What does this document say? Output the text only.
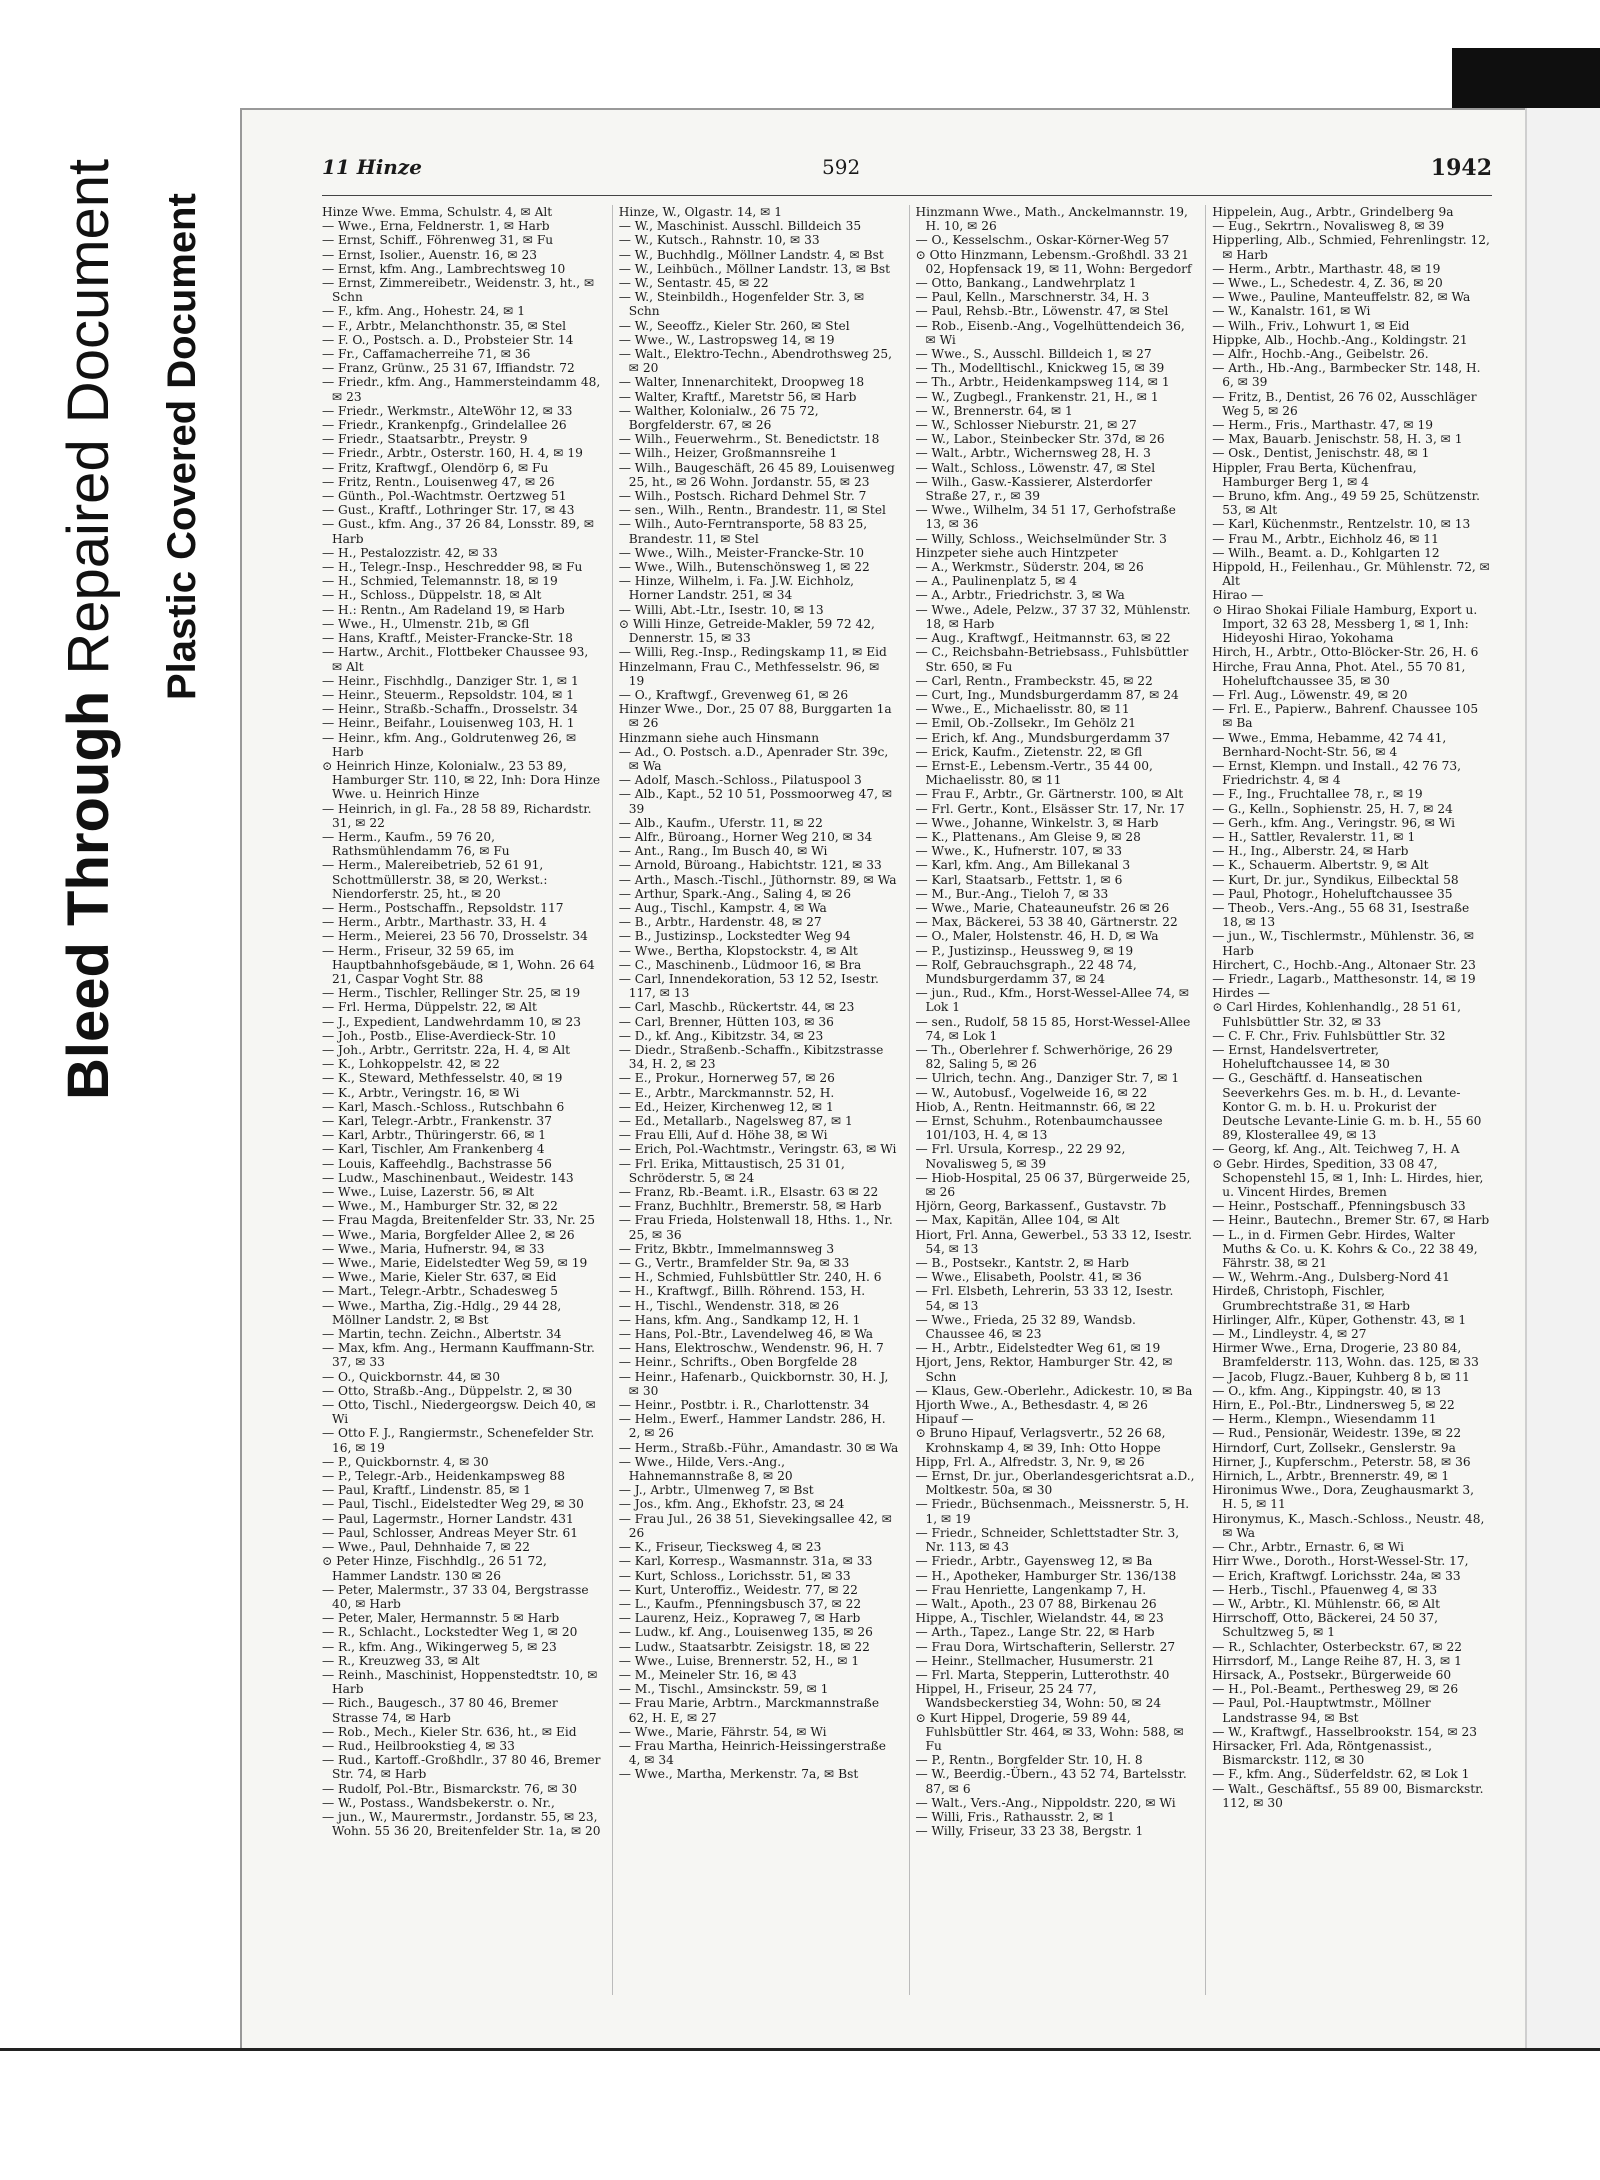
Bleed Through Repaired Document Plastic Covered Document
11 Hinze	592	1942
Hinze Wwe. Emma, Schulstr. 4, ✉ Alt
— Wwe., Erna, Feldnerstr. 1, ✉ Harb
— Ernst, Schiff., Föhrenweg 31, ✉ Fu
— Ernst, Isolier., Auenstr. 16, ✉ 23
— Ernst, kfm. Ang., Lambrechtsweg 10
— Ernst, Zimmereibetr., Weidenstr. 3, ht., ✉ Schn
— F., kfm. Ang., Hohestr. 24, ✉ 1
— F., Arbtr., Melanchthonstr. 35, ✉ Stel
— F. O., Postsch. a. D., Probsteier Str. 14
— Fr., Caffamacherreihe 71, ✉ 36
— Franz, Grünw., 25 31 67, Iffiandstr. 72
— Friedr., kfm. Ang., Hammersteindamm 48, ✉ 23
— Friedr., Werkmstr., AlteWöhr 12, ✉ 33
— Friedr., Krankenpfg., Grindelallee 26
— Friedr., Staatsarbtr., Preystr. 9
— Friedr., Arbtr., Osterstr. 160, H. 4, ✉ 19
— Fritz, Kraftwgf., Olendörp 6, ✉ Fu
— Fritz, Rentn., Louisenweg 47, ✉ 26
— Günth., Pol.-Wachtmstr. Oertzweg 51
— Gust., Kraftf., Lothringer Str. 17, ✉ 43
— Gust., kfm. Ang., 37 26 84, Lonsstr. 89, ✉ Harb
— H., Pestalozzistr. 42, ✉ 33
— H., Telegr.-Insp., Heschredder 98, ✉ Fu
— H., Schmied, Telemannstr. 18, ✉ 19
— H., Schloss., Düppelstr. 18, ✉ Alt
— H.: Rentn., Am Radeland 19, ✉ Harb
— Wwe., H., Ulmenstr. 21b, ✉ Gfl
— Hans, Kraftf., Meister-Francke-Str. 18
— Hartw., Archit., Flottbeker Chaussee 93, ✉ Alt
— Heinr., Fischhdlg., Danziger Str. 1, ✉ 1
— Heinr., Steuerm., Repsoldstr. 104, ✉ 1
— Heinr., Straßb.-Schaffn., Drosselstr. 34
— Heinr., Beifahr., Louisenweg 103, H. 1
— Heinr., kfm. Ang., Goldrutenweg 26, ✉ Harb
⊙ Heinrich Hinze, Kolonialw., 23 53 89, Hamburger Str. 110, ✉ 22, Inh: Dora Hinze Wwe. u. Heinrich Hinze
— Heinrich, in gl. Fa., 28 58 89, Richardstr. 31, ✉ 22
— Herm., Kaufm., 59 76 20, Rathsmühlendamm 76, ✉ Fu
— Herm., Malereibetrieb, 52 61 91, Schottmüllerstr. 38, ✉ 20, Werkst.: Niendorferstr. 25, ht., ✉ 20
— Herm., Postschaffn., Repsoldstr. 117
— Herm., Arbtr., Marthastr. 33, H. 4
— Herm., Meierei, 23 56 70, Drosselstr. 34
— Herm., Friseur, 32 59 65, im Hauptbahnhofsgebäude, ✉ 1, Wohn. 26 64 21, Caspar Voght Str. 88
— Herm., Tischler, Rellinger Str. 25, ✉ 19
— Frl. Herma, Düppelstr. 22, ✉ Alt
— J., Expedient, Landwehrdamm 10, ✉ 23
— Joh., Postb., Elise-Averdieck-Str. 10
— Joh., Arbtr., Gerritstr. 22a, H. 4, ✉ Alt
— K., Lohkoppelstr. 42, ✉ 22
— K., Steward, Methfesselstr. 40, ✉ 19
— K., Arbtr., Veringstr. 16, ✉ Wi
— Karl, Masch.-Schloss., Rutschbahn 6
— Karl, Telegr.-Arbtr., Frankenstr. 37
— Karl, Arbtr., Thüringerstr. 66, ✉ 1
— Karl, Tischler, Am Frankenberg 4
— Louis, Kaffeehdlg., Bachstrasse 56
— Ludw., Maschinenbaut., Weidestr. 143
— Wwe., Luise, Lazerstr. 56, ✉ Alt
— Wwe., M., Hamburger Str. 32, ✉ 22
— Frau Magda, Breitenfelder Str. 33, Nr. 25
— Wwe., Maria, Borgfelder Allee 2, ✉ 26
— Wwe., Maria, Hufnerstr. 94, ✉ 33
— Wwe., Marie, Eidelstedter Weg 59, ✉ 19
— Wwe., Marie, Kieler Str. 637, ✉ Eid
— Mart., Telegr.-Arbtr., Schadesweg 5
— Wwe., Martha, Zig.-Hdlg., 29 44 28, Möllner Landstr. 2, ✉ Bst
— Martin, techn. Zeichn., Albertstr. 34
— Max, kfm. Ang., Hermann Kauffmann-Str. 37, ✉ 33
— O., Quickbornstr. 44, ✉ 30
— Otto, Straßb.-Ang., Düppelstr. 2, ✉ 30
— Otto, Tischl., Niedergeorgsw. Deich 40, ✉ Wi
— Otto F. J., Rangiermstr., Schenefelder Str. 16, ✉ 19
— P., Quickbornstr. 4, ✉ 30
— P., Telegr.-Arb., Heidenkampsweg 88
— Paul, Kraftf., Lindenstr. 85, ✉ 1
— Paul, Tischl., Eidelstedter Weg 29, ✉ 30
— Paul, Lagermstr., Horner Landstr. 431
— Paul, Schlosser, Andreas Meyer Str. 61
— Wwe., Paul, Dehnhaide 7, ✉ 22
⊙ Peter Hinze, Fischhdlg., 26 51 72, Hammer Landstr. 130 ✉ 26
— Peter, Malermstr., 37 33 04, Bergstrasse 40, ✉ Harb
— Peter, Maler, Hermannstr. 5 ✉ Harb
— R., Schlacht., Lockstedter Weg 1, ✉ 20
— R., kfm. Ang., Wikingerweg 5, ✉ 23
— R., Kreuzweg 33, ✉ Alt
— Reinh., Maschinist, Hoppenstedtstr. 10, ✉ Harb
— Rich., Baugesch., 37 80 46, Bremer Strasse 74, ✉ Harb
— Rob., Mech., Kieler Str. 636, ht., ✉ Eid
— Rud., Heilbrookstieg 4, ✉ 33
— Rud., Kartoff.-Großhdlr., 37 80 46, Bremer Str. 74, ✉ Harb
— Rudolf, Pol.-Btr., Bismarckstr. 76, ✉ 30
— W., Postass., Wandsbekerstr. o. Nr.,
— jun., W., Maurermstr., Jordanstr. 55, ✉ 23, Wohn. 55 36 20, Breitenfelder Str. 1a, ✉ 20
Hinze, W., Olgastr. 14, ✉ 1
— W., Maschinist. Ausschl. Billdeich 35
— W., Kutsch., Rahnstr. 10, ✉ 33
— W., Buchhdlg., Möllner Landstr. 4, ✉ Bst
— W., Leihbüch., Möllner Landstr. 13, ✉ Bst
— W., Sentastr. 45, ✉ 22
— W., Steinbildh., Hogenfelder Str. 3, ✉ Schn
— W., Seeoffz., Kieler Str. 260, ✉ Stel
— Wwe., W., Lastropsweg 14, ✉ 19
— Walt., Elektro-Techn., Abendrothsweg 25, ✉ 20
— Walter, Innenarchitekt, Droopweg 18
— Walter, Kraftf., Maretstr 56, ✉ Harb
— Walther, Kolonialw., 26 75 72, Borgfelderstr. 67, ✉ 26
— Wilh., Feuerwehrm., St. Benedictstr. 18
— Wilh., Heizer, Großmannsreihe 1
— Wilh., Baugeschäft, 26 45 89, Louisenweg 25, ht., ✉ 26 Wohn. Jordanstr. 55, ✉ 23
— Wilh., Postsch. Richard Dehmel Str. 7
— sen., Wilh., Rentn., Brandestr. 11, ✉ Stel
— Wilh., Auto-Ferntransporte, 58 83 25, Brandestr. 11, ✉ Stel
— Wwe., Wilh., Meister-Francke-Str. 10
— Wwe., Wilh., Butenschönsweg 1, ✉ 22
— Hinze, Wilhelm, i. Fa. J.W. Eichholz, Horner Landstr. 251, ✉ 34
— Willi, Abt.-Ltr., Isestr. 10, ✉ 13
⊙ Willi Hinze, Getreide-Makler, 59 72 42, Dennerstr. 15, ✉ 33
— Willi, Reg.-Insp., Redingskamp 11, ✉ Eid
Hinzelmann, Frau C., Methfesselstr. 96, ✉ 19
— O., Kraftwgf., Grevenweg 61, ✉ 26
Hinzer Wwe., Dor., 25 07 88, Burggarten 1a ✉ 26
Hinzmann siehe auch Hinsmann
— Ad., O. Postsch. a.D., Apenrader Str. 39c, ✉ Wa
— Adolf, Masch.-Schloss., Pilatuspool 3
— Alb., Kapt., 52 10 51, Possmoorweg 47, ✉ 39
— Alb., Kaufm., Uferstr. 11, ✉ 22
— Alfr., Büroang., Horner Weg 210, ✉ 34
— Ant., Rang., Im Busch 40, ✉ Wi
— Arnold, Büroang., Habichtstr. 121, ✉ 33
— Arth., Masch.-Tischl., Jüthornstr. 89, ✉ Wa
— Arthur, Spark.-Ang., Saling 4, ✉ 26
— Aug., Tischl., Kampstr. 4, ✉ Wa
— B., Arbtr., Hardenstr. 48, ✉ 27
— B., Justizinsp., Lockstedter Weg 94
— Wwe., Bertha, Klopstockstr. 4, ✉ Alt
— C., Maschinenb., Lüdmoor 16, ✉ Bra
— Carl, Innendekoration, 53 12 52, Isestr. 117, ✉ 13
— Carl, Maschb., Rückertstr. 44, ✉ 23
— Carl, Brenner, Hütten 103, ✉ 36
— D., kf. Ang., Kibitzstr. 34, ✉ 23
— Diedr., Straßenb.-Schaffn., Kibitzstrasse 34, H. 2, ✉ 23
— E., Prokur., Hornerweg 57, ✉ 26
— E., Arbtr., Marckmannstr. 52, H.
— Ed., Heizer, Kirchenweg 12, ✉ 1
— Ed., Metallarb., Nagelsweg 87, ✉ 1
— Frau Elli, Auf d. Höhe 38, ✉ Wi
— Erich, Pol.-Wachtmstr., Veringstr. 63, ✉ Wi
— Frl. Erika, Mittaustisch, 25 31 01, Schröderstr. 5, ✉ 24
— Franz, Rb.-Beamt. i.R., Elsastr. 63 ✉ 22
— Franz, Buchhltr., Bremerstr. 58, ✉ Harb
— Frau Frieda, Holstenwall 18, Hths. 1., Nr. 25, ✉ 36
— Fritz, Bkbtr., Immelmannsweg 3
— G., Vertr., Bramfelder Str. 9a, ✉ 33
— H., Schmied, Fuhlsbüttler Str. 240, H. 6
— H., Kraftwgf., Billh. Röhrend. 153, H.
— H., Tischl., Wendenstr. 318, ✉ 26
— Hans, kfm. Ang., Sandkamp 12, H. 1
— Hans, Pol.-Btr., Lavendelweg 46, ✉ Wa
— Hans, Elektroschw., Wendenstr. 96, H. 7
— Heinr., Schrifts., Oben Borgfelde 28
— Heinr., Hafenarb., Quickbornstr. 30, H. J, ✉ 30
— Heinr., Postbtr. i. R., Charlottenstr. 34
— Helm., Ewerf., Hammer Landstr. 286, H. 2, ✉ 26
— Herm., Straßb.-Führ., Amandastr. 30 ✉ Wa
— Wwe., Hilde, Vers.-Ang., Hahnemannstraße 8, ✉ 20
— J., Arbtr., Ulmenweg 7, ✉ Bst
— Jos., kfm. Ang., Ekhofstr. 23, ✉ 24
— Frau Jul., 26 38 51, Sievekingsallee 42, ✉ 26
— K., Friseur, Tiecksweg 4, ✉ 23
— Karl, Korresp., Wasmannstr. 31a, ✉ 33
— Kurt, Schloss., Lorichsstr. 51, ✉ 33
— Kurt, Unteroffiz., Weidestr. 77, ✉ 22
— L., Kaufm., Pfenningsbusch 37, ✉ 22
— Laurenz, Heiz., Kopraweg 7, ✉ Harb
— Ludw., kf. Ang., Louisenweg 135, ✉ 26
— Ludw., Staatsarbtr. Zeisigstr. 18, ✉ 22
— Wwe., Luise, Brennerstr. 52, H., ✉ 1
— M., Meineler Str. 16, ✉ 43
— M., Tischl., Amsinckstr. 59, ✉ 1
— Frau Marie, Arbtrn., Marckmannstraße 62, H. E, ✉ 27
— Wwe., Marie, Fährstr. 54, ✉ Wi
— Frau Martha, Heinrich-Heissingerstraße 4, ✉ 34
— Wwe., Martha, Merkenstr. 7a, ✉ Bst
Hinzmann Wwe., Math., Anckelmannstr. 19, H. 10, ✉ 26
— O., Kesselschm., Oskar-Körner-Weg 57
⊙ Otto Hinzmann, Lebensm.-Großhdl. 33 21 02, Hopfensack 19, ✉ 11, Wohn: Bergedorf
— Otto, Bankang., Landwehrplatz 1
— Paul, Kelln., Marschnerstr. 34, H. 3
— Paul, Rehsb.-Btr., Löwenstr. 47, ✉ Stel
— Rob., Eisenb.-Ang., Vogelhüttendeich 36, ✉ Wi
— Wwe., S., Ausschl. Billdeich 1, ✉ 27
— Th., Modelltischl., Knickweg 15, ✉ 39
— Th., Arbtr., Heidenkampsweg 114, ✉ 1
— W., Zugbegl., Frankenstr. 21, H., ✉ 1
— W., Brennerstr. 64, ✉ 1
— W., Schlosser Nieburstr. 21, ✉ 27
— W., Labor., Steinbecker Str. 37d, ✉ 26
— Walt., Arbtr., Wichernsweg 28, H. 3
— Walt., Schloss., Löwenstr. 47, ✉ Stel
— Wilh., Gasw.-Kassierer, Alsterdorfer Straße 27, r., ✉ 39
— Wwe., Wilhelm, 34 51 17, Gerhofstraße 13, ✉ 36
— Willy, Schloss., Weichselmünder Str. 3
Hinzpeter siehe auch Hintzpeter
— A., Werkmstr., Süderstr. 204, ✉ 26
— A., Paulinenplatz 5, ✉ 4
— A., Arbtr., Friedrichstr. 3, ✉ Wa
— Wwe., Adele, Pelzw., 37 37 32, Mühlenstr. 18, ✉ Harb
— Aug., Kraftwgf., Heitmannstr. 63, ✉ 22
— C., Reichsbahn-Betriebsass., Fuhlsbüttler Str. 650, ✉ Fu
— Carl, Rentn., Frambeckstr. 45, ✉ 22
— Curt, Ing., Mundsburgerdamm 87, ✉ 24
— Wwe., E., Michaelisstr. 80, ✉ 11
— Emil, Ob.-Zollsekr., Im Gehölz 21
— Erich, kf. Ang., Mundsburgerdamm 37
— Erick, Kaufm., Zietenstr. 22, ✉ Gfl
— Ernst-E., Lebensm.-Vertr., 35 44 00, Michaelisstr. 80, ✉ 11
— Frau F., Arbtr., Gr. Gärtnerstr. 100, ✉ Alt
— Frl. Gertr., Kont., Elsässer Str. 17, Nr. 17
— Wwe., Johanne, Winkelstr. 3, ✉ Harb
— K., Plattenans., Am Gleise 9, ✉ 28
— Wwe., K., Hufnerstr. 107, ✉ 33
— Karl, kfm. Ang., Am Billekanal 3
— Karl, Staatsarb., Fettstr. 1, ✉ 6
— M., Bur.-Ang., Tieloh 7, ✉ 33
— Wwe., Marie, Chateauneufstr. 26 ✉ 26
— Max, Bäckerei, 53 38 40, Gärtnerstr. 22
— O., Maler, Holstenstr. 46, H. D, ✉ Wa
— P., Justizinsp., Heussweg 9, ✉ 19
— Rolf, Gebrauchsgraph., 22 48 74, Mundsburgerdamm 37, ✉ 24
— jun., Rud., Kfm., Horst-Wessel-Allee 74, ✉ Lok 1
— sen., Rudolf, 58 15 85, Horst-Wessel-Allee 74, ✉ Lok 1
— Th., Oberlehrer f. Schwerhörige, 26 29 82, Saling 5, ✉ 26
— Ulrich, techn. Ang., Danziger Str. 7, ✉ 1
— W., Autobusf., Vogelweide 16, ✉ 22
Hiob, A., Rentn. Heitmannstr. 66, ✉ 22
— Ernst, Schuhm., Rotenbaumchaussee 101/103, H. 4, ✉ 13
— Frl. Ursula, Korresp., 22 29 92, Novalisweg 5, ✉ 39
— Hiob-Hospital, 25 06 37, Bürgerweide 25, ✉ 26
Hjörn, Georg, Barkassenf., Gustavstr. 7b
— Max, Kapitän, Allee 104, ✉ Alt
Hiort, Frl. Anna, Gewerbel., 53 33 12, Isestr. 54, ✉ 13
— B., Postsekr., Kantstr. 2, ✉ Harb
— Wwe., Elisabeth, Poolstr. 41, ✉ 36
— Frl. Elsbeth, Lehrerin, 53 33 12, Isestr. 54, ✉ 13
— Wwe., Frieda, 25 32 89, Wandsb. Chaussee 46, ✉ 23
— H., Arbtr., Eidelstedter Weg 61, ✉ 19
Hjort, Jens, Rektor, Hamburger Str. 42, ✉ Schn
— Klaus, Gew.-Oberlehr., Adickestr. 10, ✉ Ba
Hjorth Wwe., A., Bethesdastr. 4, ✉ 26
Hipauf —
⊙ Bruno Hipauf, Verlagsvertr., 52 26 68, Krohnskamp 4, ✉ 39, Inh: Otto Hoppe
Hipp, Frl. A., Alfredstr. 3, Nr. 9, ✉ 26
— Ernst, Dr. jur., Oberlandesgerichtsrat a.D., Moltkestr. 50a, ✉ 30
— Friedr., Büchsenmach., Meissnerstr. 5, H. 1, ✉ 19
— Friedr., Schneider, Schlettstadter Str. 3, Nr. 113, ✉ 43
— Friedr., Arbtr., Gayensweg 12, ✉ Ba
— H., Apotheker, Hamburger Str. 136/138
— Frau Henriette, Langenkamp 7, H.
— Walt., Apoth., 23 07 88, Birkenau 26
Hippe, A., Tischler, Wielandstr. 44, ✉ 23
— Arth., Tapez., Lange Str. 22, ✉ Harb
— Frau Dora, Wirtschafterin, Sellerstr. 27
— Heinr., Stellmacher, Husumerstr. 21
— Frl. Marta, Stepperin, Lutterothstr. 40
Hippel, H., Friseur, 25 24 77, Wandsbeckerstieg 34, Wohn: 50, ✉ 24
⊙ Kurt Hippel, Drogerie, 59 89 44, Fuhlsbüttler Str. 464, ✉ 33, Wohn: 588, ✉ Fu
— P., Rentn., Borgfelder Str. 10, H. 8
— W., Beerdig.-Übern., 43 52 74, Bartelsstr. 87, ✉ 6
— Walt., Vers.-Ang., Nippoldstr. 220, ✉ Wi
— Willi, Fris., Rathausstr. 2, ✉ 1
— Willy, Friseur, 33 23 38, Bergstr. 1
Hippelein, Aug., Arbtr., Grindelberg 9a
— Eug., Sekrtrn., Novalisweg 8, ✉ 39
Hipperling, Alb., Schmied, Fehrenlingstr. 12, ✉ Harb
— Herm., Arbtr., Marthastr. 48, ✉ 19
— Wwe., L., Schedestr. 4, Z. 36, ✉ 20
— Wwe., Pauline, Manteuffelstr. 82, ✉ Wa
— W., Kanalstr. 161, ✉ Wi
— Wilh., Friv., Lohwurt 1, ✉ Eid
Hippke, Alb., Hochb.-Ang., Koldingstr. 21
— Alfr., Hochb.-Ang., Geibelstr. 26.
— Arth., Hb.-Ang., Barmbecker Str. 148, H. 6, ✉ 39
— Fritz, B., Dentist, 26 76 02, Ausschläger Weg 5, ✉ 26
— Herm., Fris., Marthastr. 47, ✉ 19
— Max, Bauarb. Jenischstr. 58, H. 3, ✉ 1
— Osk., Dentist, Jenischstr. 48, ✉ 1
Hippler, Frau Berta, Küchenfrau, Hamburger Berg 1, ✉ 4
— Bruno, kfm. Ang., 49 59 25, Schützenstr. 53, ✉ Alt
— Karl, Küchenmstr., Rentzelstr. 10, ✉ 13
— Frau M., Arbtr., Eichholz 46, ✉ 11
— Wilh., Beamt. a. D., Kohlgarten 12
Hippold, H., Feilenhau., Gr. Mühlenstr. 72, ✉ Alt
Hirao —
⊙ Hirao Shokai Filiale Hamburg, Export u. Import, 32 63 28, Messberg 1, ✉ 1, Inh: Hideyoshi Hirao, Yokohama
Hirch, H., Arbtr., Otto-Blöcker-Str. 26, H. 6
Hirche, Frau Anna, Phot. Atel., 55 70 81, Hoheluftchaussee 35, ✉ 30
— Frl. Aug., Löwenstr. 49, ✉ 20
— Frl. E., Papierw., Bahrenf. Chaussee 105 ✉ Ba
— Wwe., Emma, Hebamme, 42 74 41, Bernhard-Nocht-Str. 56, ✉ 4
— Ernst, Klempn. und Install., 42 76 73, Friedrichstr. 4, ✉ 4
— F., Ing., Fruchtallee 78, r., ✉ 19
— G., Kelln., Sophienstr. 25, H. 7, ✉ 24
— Gerh., kfm. Ang., Veringstr. 96, ✉ Wi
— H., Sattler, Revalerstr. 11, ✉ 1
— H., Ing., Alberstr. 24, ✉ Harb
— K., Schauerm. Albertstr. 9, ✉ Alt
— Kurt, Dr. jur., Syndikus, Eilbecktal 58
— Paul, Photogr., Hoheluftchaussee 35
— Theob., Vers.-Ang., 55 68 31, Isestraße 18, ✉ 13
— jun., W., Tischlermstr., Mühlenstr. 36, ✉ Harb
Hirchert, C., Hochb.-Ang., Altonaer Str. 23
— Friedr., Lagarb., Matthesonstr. 14, ✉ 19
Hirdes —
⊙ Carl Hirdes, Kohlenhandlg., 28 51 61, Fuhlsbüttler Str. 32, ✉ 33
— C. F. Chr., Friv. Fuhlsbüttler Str. 32
— Ernst, Handelsvertreter, Hoheluftchaussee 14, ✉ 30
— G., Geschäftf. d. Hanseatischen Seeverkehrs Ges. m. b. H., d. Levante-Kontor G. m. b. H. u. Prokurist der Deutsche Levante-Linie G. m. b. H., 55 60 89, Klosterallee 49, ✉ 13
— Georg, kf. Ang., Alt. Teichweg 7, H. A
⊙ Gebr. Hirdes, Spedition, 33 08 47, Schopenstehl 15, ✉ 1, Inh: L. Hirdes, hier, u. Vincent Hirdes, Bremen
— Heinr., Postschaff., Pfenningsbusch 33
— Heinr., Bautechn., Bremer Str. 67, ✉ Harb
— L., in d. Firmen Gebr. Hirdes, Walter Muths & Co. u. K. Kohrs & Co., 22 38 49, Fährstr. 38, ✉ 21
— W., Wehrm.-Ang., Dulsberg-Nord 41
Hirdeß, Christoph, Fischler, Grumbrechtstraße 31, ✉ Harb
Hirlinger, Alfr., Küper, Gothenstr. 43, ✉ 1
— M., Lindleystr. 4, ✉ 27
Hirmer Wwe., Erna, Drogerie, 23 80 84, Bramfelderstr. 113, Wohn. das. 125, ✉ 33
— Jacob, Flugz.-Bauer, Kuhberg 8 b, ✉ 11
— O., kfm. Ang., Kippingstr. 40, ✉ 13
Hirn, E., Pol.-Btr., Lindnersweg 5, ✉ 22
— Herm., Klempn., Wiesendamm 11
— Rud., Pensionär, Weidestr. 139e, ✉ 22
Hirndorf, Curt, Zollsekr., Genslerstr. 9a
Hirner, J., Kupferschm., Peterstr. 58, ✉ 36
Hirnich, L., Arbtr., Brennerstr. 49, ✉ 1
Hironimus Wwe., Dora, Zeughausmarkt 3, H. 5, ✉ 11
Hironymus, K., Masch.-Schloss., Neustr. 48, ✉ Wa
— Chr., Arbtr., Ernastr. 6, ✉ Wi
Hirr Wwe., Doroth., Horst-Wessel-Str. 17,
— Erich, Kraftwgf. Lorichsstr. 24a, ✉ 33
— Herb., Tischl., Pfauenweg 4, ✉ 33
— W., Arbtr., Kl. Mühlenstr. 66, ✉ Alt
Hirrschoff, Otto, Bäckerei, 24 50 37, Schultzweg 5, ✉ 1
— R., Schlachter, Osterbeckstr. 67, ✉ 22
Hirrsdorf, M., Lange Reihe 87, H. 3, ✉ 1
Hirsack, A., Postsekr., Bürgerweide 60
— H., Pol.-Beamt., Perthesweg 29, ✉ 26
— Paul, Pol.-Hauptwtmstr., Möllner Landstrasse 94, ✉ Bst
— W., Kraftwgf., Hasselbrookstr. 154, ✉ 23
Hirsacker, Frl. Ada, Röntgenassist., Bismarckstr. 112, ✉ 30
— F., kfm. Ang., Süderfeldstr. 62, ✉ Lok 1
— Walt., Geschäftsf., 55 89 00, Bismarckstr. 112, ✉ 30
